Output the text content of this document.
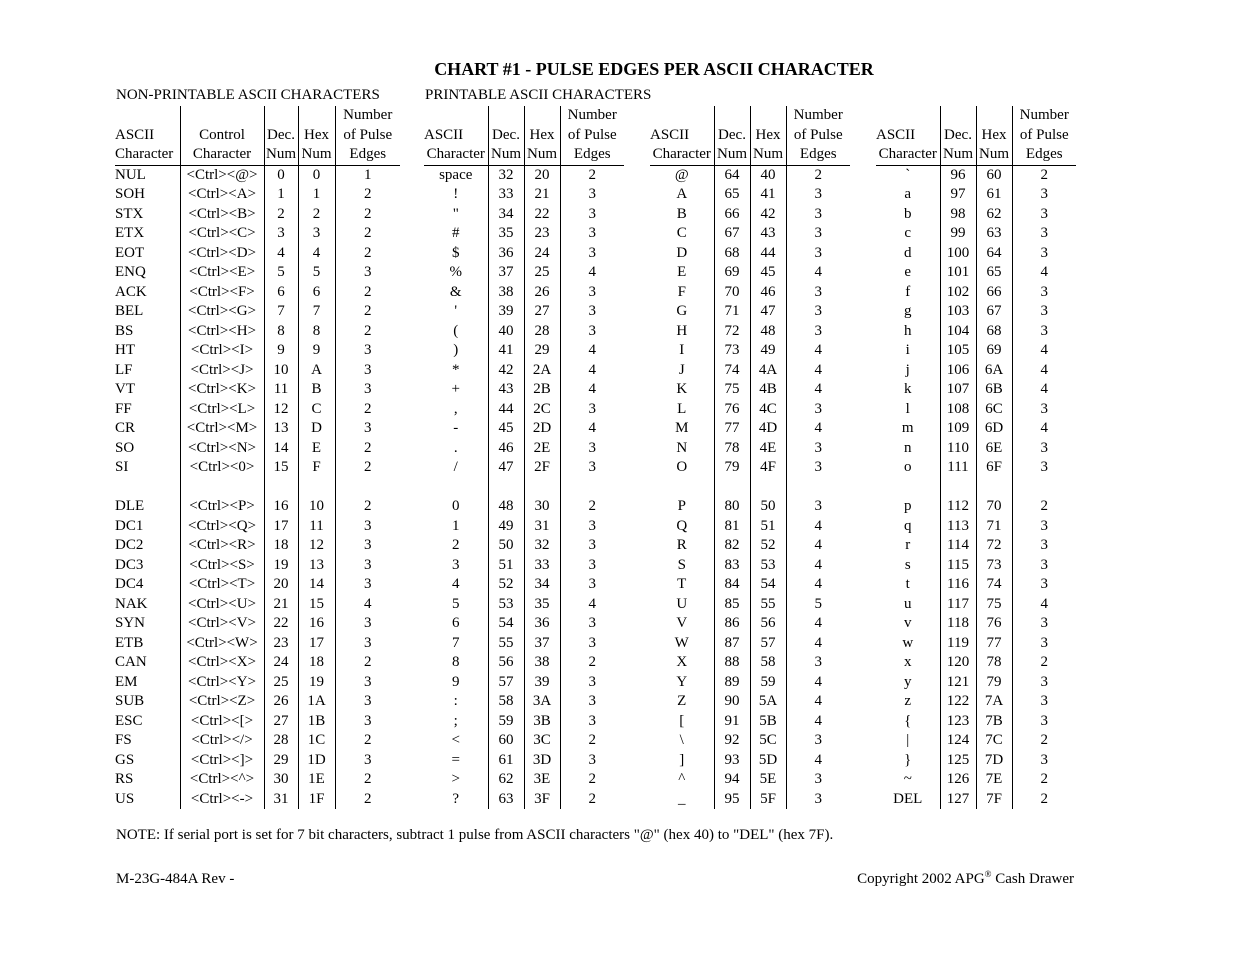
CHART #1 - PULSE EDGES PER ASCII CHARACTER
NON-PRINTABLE ASCII CHARACTERS	PRINTABLE ASCII CHARACTERS
				Number
ASCII	Control	Dec.	Hex	of Pulse
Character	Character	Num	Num	Edges
NUL	<Ctrl><@>	0	0	1
SOH	<Ctrl><A>	1	1	2
STX	<Ctrl><B>	2	2	2
ETX	<Ctrl><C>	3	3	2
EOT	<Ctrl><D>	4	4	2
ENQ	<Ctrl><E>	5	5	3
ACK	<Ctrl><F>	6	6	2
BEL	<Ctrl><G>	7	7	2
BS	<Ctrl><H>	8	8	2
HT	<Ctrl><I>	9	9	3
LF	<Ctrl><J>	10	A	3
VT	<Ctrl><K>	11	B	3
FF	<Ctrl><L>	12	C	2
CR	<Ctrl><M>	13	D	3
SO	<Ctrl><N>	14	E	2
SI	<Ctrl><0>	15	F	2

DLE	<Ctrl><P>	16	10	2
DC1	<Ctrl><Q>	17	11	3
DC2	<Ctrl><R>	18	12	3
DC3	<Ctrl><S>	19	13	3
DC4	<Ctrl><T>	20	14	3
NAK	<Ctrl><U>	21	15	4
SYN	<Ctrl><V>	22	16	3
ETB	<Ctrl><W>	23	17	3
CAN	<Ctrl><X>	24	18	2
EM	<Ctrl><Y>	25	19	3
SUB	<Ctrl><Z>	26	1A	3
ESC	<Ctrl><[>	27	1B	3
FS	<Ctrl></>	28	1C	2
GS	<Ctrl><]>	29	1D	3
RS	<Ctrl><^>	30	1E	2
US	<Ctrl><->	31	1F	2
			Number
ASCII	Dec.	Hex	of Pulse
Character	Num	Num	Edges
space	32	20	2
!	33	21	3
"	34	22	3
#	35	23	3
$	36	24	3
%	37	25	4
&	38	26	3
'	39	27	3
(	40	28	3
)	41	29	4
*	42	2A	4
+	43	2B	4
,	44	2C	3
-	45	2D	4
.	46	2E	3
/	47	2F	3

0	48	30	2
1	49	31	3
2	50	32	3
3	51	33	3
4	52	34	3
5	53	35	4
6	54	36	3
7	55	37	3
8	56	38	2
9	57	39	3
:	58	3A	3
;	59	3B	3
<	60	3C	2
=	61	3D	3
>	62	3E	2
?	63	3F	2
			Number
ASCII	Dec.	Hex	of Pulse
Character	Num	Num	Edges
@	64	40	2
A	65	41	3
B	66	42	3
C	67	43	3
D	68	44	3
E	69	45	4
F	70	46	3
G	71	47	3
H	72	48	3
I	73	49	4
J	74	4A	4
K	75	4B	4
L	76	4C	3
M	77	4D	4
N	78	4E	3
O	79	4F	3

P	80	50	3
Q	81	51	4
R	82	52	4
S	83	53	4
T	84	54	4
U	85	55	5
V	86	56	4
W	87	57	4
X	88	58	3
Y	89	59	4
Z	90	5A	4
[	91	5B	4
\	92	5C	3
]	93	5D	4
^	94	5E	3
_	95	5F	3
			Number
ASCII	Dec.	Hex	of Pulse
Character	Num	Num	Edges
`	96	60	2
a	97	61	3
b	98	62	3
c	99	63	3
d	100	64	3
e	101	65	4
f	102	66	3
g	103	67	3
h	104	68	3
i	105	69	4
j	106	6A	4
k	107	6B	4
l	108	6C	3
m	109	6D	4
n	110	6E	3
o	111	6F	3

p	112	70	2
q	113	71	3
r	114	72	3
s	115	73	3
t	116	74	3
u	117	75	4
v	118	76	3
w	119	77	3
x	120	78	2
y	121	79	3
z	122	7A	3
{	123	7B	3
|	124	7C	2
}	125	7D	3
~	126	7E	2
DEL	127	7F	2
NOTE: If serial port is set for 7 bit characters, subtract 1 pulse from ASCII characters "@" (hex 40) to "DEL" (hex 7F).
M-23G-484A Rev -	Copyright 2002 APG® Cash Drawer
